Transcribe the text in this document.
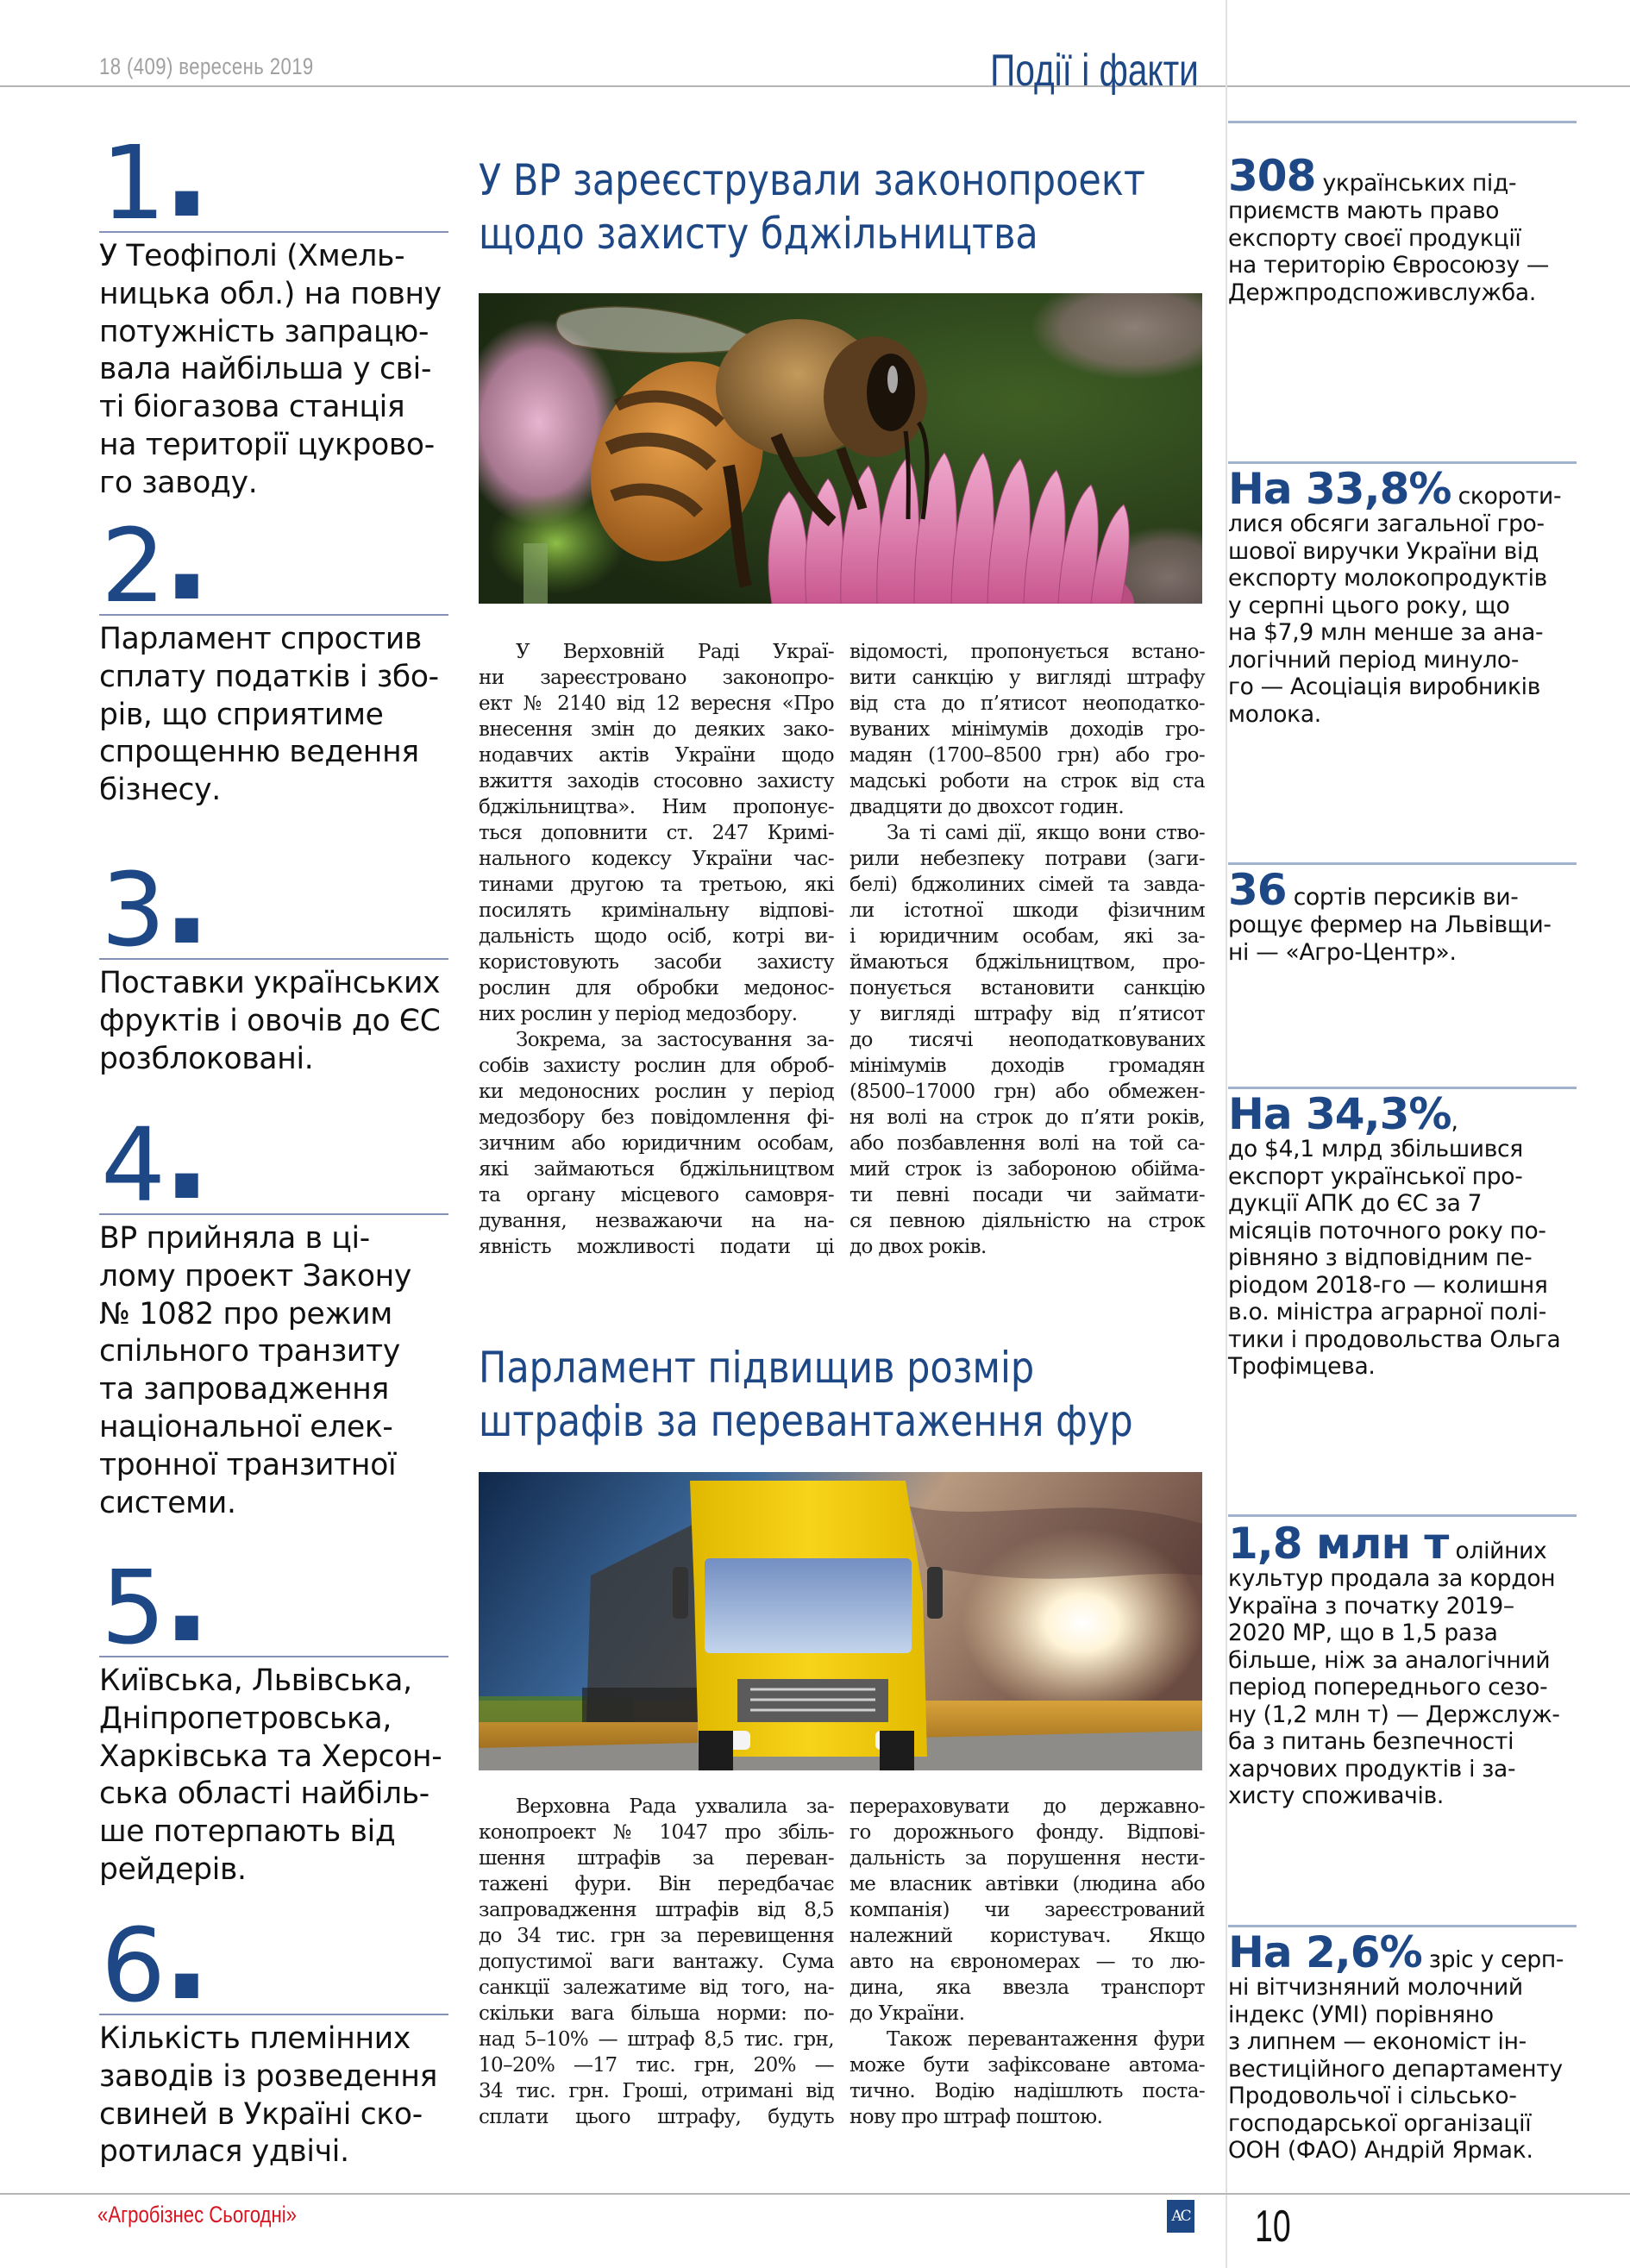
18 (409) вересень 2019	Події і факти
1.
У Теофіполі (Хмель-
ницька обл.) на повну
потужність запрацю-
вала найбільша у сві-
ті біогазова станція
на території цукрово-
го заводу.
2.
Парламент спростив
сплату податків і збо-
рів, що сприятиме
спрощенню ведення
бізнесу.
3.
Поставки українських
фруктів і овочів до ЄС
розблоковані.
4.
ВР прийняла в ці-
лому проект Закону
№ 1082 про режим
спільного транзиту
та запровадження
національної елек-
тронної транзитної
системи.
5.
Київська, Львівська,
Дніпропетровська,
Харківська та Херсон-
ська області найбіль-
ше потерпають від
рейдерів.
6.
Кількість племінних
заводів із розведення
свиней в Україні ско-
ротилася удвічі.
У ВР зареєстрували законопроект
щодо захисту бджільництва

У Верховній Раді Украї-

ни зареєстровано законопро-

ект № 2140 від 12 вересня «Про

внесення змін до деяких зако-

нодавчих актів України щодо

вжиття заходів стосовно захисту

бджільництва». Ним пропонує-

ться доповнити ст. 247 Кримі-

нального кодексу України час-

тинами другою та третьою, які

посилять кримінальну відпові-

дальність щодо осіб, котрі ви-

користовують засоби захисту

рослин для обробки медонос-

них рослин у період медозбору.

Зокрема, за застосування за-

собів захисту рослин для оброб-

ки медоносних рослин у період

медозбору без повідомлення фі-

зичним або юридичним особам,

які займаються бджільництвом

та органу місцевого самовря-

дування, незважаючи на на-

явність можливості подати ці

відомості, пропонується встано-

вити санкцію у вигляді штрафу

від ста до п’ятисот неоподатко-

вуваних мінімумів доходів гро-

мадян (1700–8500 грн) або гро-

мадські роботи на строк від ста

двадцяти до двохсот годин.

За ті самі дії, якщо вони ство-

рили небезпеку потрави (заги-

белі) бджолиних сімей та завда-

ли істотної шкоди фізичним

і юридичним особам, які за-

ймаються бджільництвом, про-

понується встановити санкцію

у вигляді штрафу від п’ятисот

до тисячі неоподатковуваних

мінімумів доходів громадян

(8500–17000 грн) або обмежен-

ня волі на строк до п’яти років,

або позбавлення волі на той са-

мий строк із забороною обійма-

ти певні посади чи займати-

ся певною діяльністю на строк

до двох років.

Парламент підвищив розмір
штрафів за перевантаження фур

Верховна Рада ухвалила за-

конопроект № 1047 про збіль-

шення штрафів за переван-

тажені фури. Він передбачає

запровадження штрафів від 8,5

до 34 тис. грн за перевищення

допустимої ваги вантажу. Сума

санкції залежатиме від того, на-

скільки вага більша норми: по-

над 5–10% — штраф 8,5 тис. грн,

10–20% —17 тис. грн, 20% —

34 тис. грн. Гроші, отримані від

сплати цього штрафу, будуть

перераховувати до державно-

го дорожнього фонду. Відпові-

дальність за порушення нести-

ме власник автівки (людина або

компанія) чи зареєстрований

належний користувач. Якщо

авто на єврономерах — то лю-

дина, яка ввезла транспорт

до України.

Також перевантаження фури

може бути зафіксоване автома-

тично. Водію надішлють поста-

нову про штраф поштою.

308 українських під-
приємств мають право
експорту своєї продукції
на територію Євросоюзу —
Держпродспоживслужба.
На 33,8% скороти-
лися обсяги загальної гро-
шової виручки України від
експорту молокопродуктів
у серпні цього року, що
на $7,9 млн менше за ана-
логічний період минуло-
го — Асоціація виробників
молока.
36 сортів персиків ви-
рощує фермер на Львівщи-
ні — «Агро-Центр».
На 34,3%,
до $4,1 млрд збільшився
експорт української про-
дукції АПК до ЄС за 7
місяців поточного року по-
рівняно з відповідним пе-
ріодом 2018-го — колишня
в.о. міністра аграрної полі-
тики і продовольства Ольга
Трофімцева.
1,8 млн т олійних
культур продала за кордон
Україна з початку 2019–
2020 МР, що в 1,5 раза
більше, ніж за аналогічний
період попереднього сезо-
ну (1,2 млн т) — Держслуж-
ба з питань безпечності
харчових продуктів і за-
хисту споживачів.
На 2,6% зріс у серп-
ні вітчизняний молочний
індекс (УМІ) порівняно
з липнем — економіст ін-
вестиційного департаменту
Продовольчої і сільсько-
господарської організації
ООН (ФАО) Андрій Ярмак.
«Агробізнес Сьогодні»	AC 10
